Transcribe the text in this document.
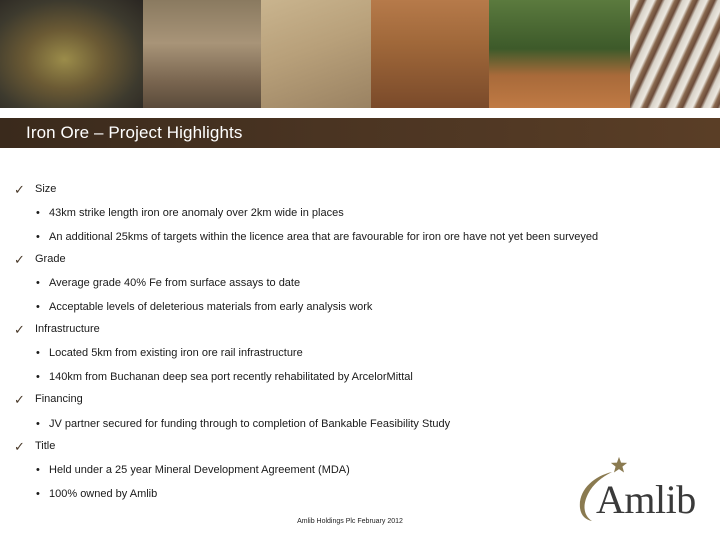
Iron Ore – Project Highlights
✓ Size
• 43km strike length iron ore anomaly over 2km wide in places
• An additional 25kms of targets within the licence area that are favourable for iron ore have not yet been surveyed
✓ Grade
• Average grade 40% Fe from surface assays to date
• Acceptable levels of deleterious materials from early analysis work
✓ Infrastructure
• Located 5km from existing iron ore rail infrastructure
• 140km from Buchanan deep sea port recently rehabilitated by ArcelorMittal
✓ Financing
• JV partner secured for funding through to completion of Bankable Feasibility Study
✓ Title
• Held under a 25 year Mineral Development Agreement (MDA)
• 100% owned by Amlib	Amlib
Amlib Holdings Plc February 2012
